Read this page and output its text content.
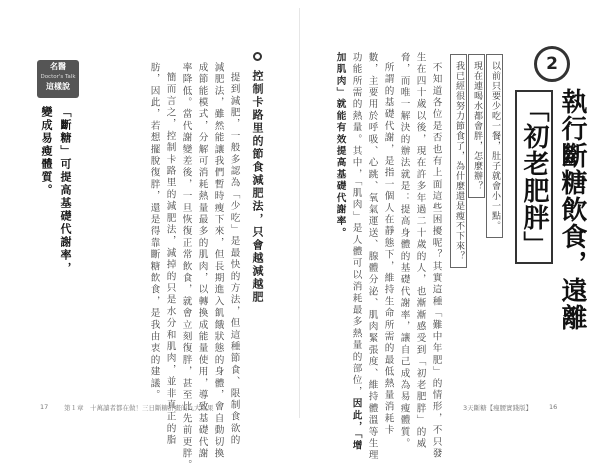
2
執行斷糖飲食，遠離
「初老肥胖」
以前只要少吃一餐，肚子就會小一點。
現在連喝水都會胖，怎麼辦？
我已經很努力節食了，為什麼還是瘦不下來？
不知道各位是否也有上面這些困擾呢？其實這種「難中年肥」的情形，不只發
生在四十歲以後，現在許多年過二十歲的人，也漸漸感受到「初老肥胖」的威
脅，而唯一解決的辦法就是：提高身體的基礎代謝率，讓自己成為易瘦體質。
所謂的基礎代謝，是指一個人在靜態下，維持生命所需的最低熱量消耗卡
數，主要用於呼吸、心跳、氧氣運送、腺體分泌、肌肉緊張度、維持體溫等生理
功能所需的熱量。其中，「肌肉」是人體可以消耗最多熱量的部位，因此，「增
加肌肉」就能有效提高基礎代謝率。
控制卡路里的節食減肥法，只會越減越肥
提到減肥，一般多認為「少吃」是最快的方法，但這種節食、限制食欲的
減肥法，雖然能讓我們暫時瘦下來，但長期進入飢餓狀態的身體，會自動切換
成節能模式，分解可消耗熱量最多的肌肉，以轉換成能量使用，導致基礎代謝
率降低。當代謝變差後，一旦恢復正常飲食，就會立刻復胖，甚至比先前更胖。
簡而言之，控制卡路里的減肥法，減掉的只是水分和肌肉，並非真正的脂
肪，因此，若想擺脫復胖，還是得靠斷糖飲食，是我由衷的建議。
名醫
Doctor's Talk
這樣說
「斷糖」可提高基礎代謝率，
變成易瘦體質。
17 第１章　十萬讀者都在做！三日斷糖計畫的九大效果	3天斷糖【瘦腰實踐版】	16
